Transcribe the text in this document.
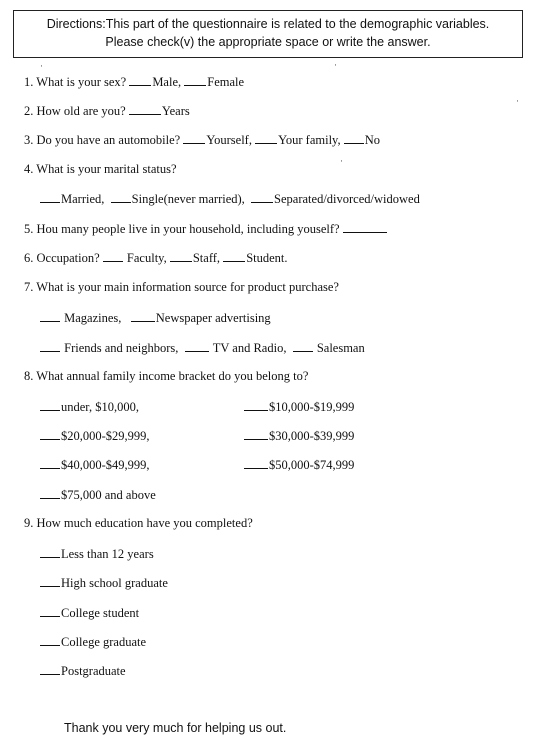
Directions:This part of the questionnaire is related to the demographic variables.
Please check(v) the appropriate space or write the answer.
1. What is your sex? Male, Female
2. How old are you?	Years
3. Do you have an automobile? Yourself, Your family, No
4. What is your marital status?
Married, Single(never married), Separated/divorced/widowed
5. Hou many people live in your household, including youself?
6. Occupation? Faculty, Staff, Student.
7. What is your main information source for product purchase?
Magazines,	Newspaper advertising
Friends and neighbors,	TV and Radio, Salesman
8. What annual family income bracket do you belong to?
under, $10,000,	$10,000-$19,999
$20,000-$29,999,	$30,000-$39,999
$40,000-$49,999,	$50,000-$74,999
$75,000 and above
9. How much education have you completed?
Less than 12 years
High school graduate
College student
College graduate
Postgraduate
Thank you very much for helping us out.
·	·
·
·
